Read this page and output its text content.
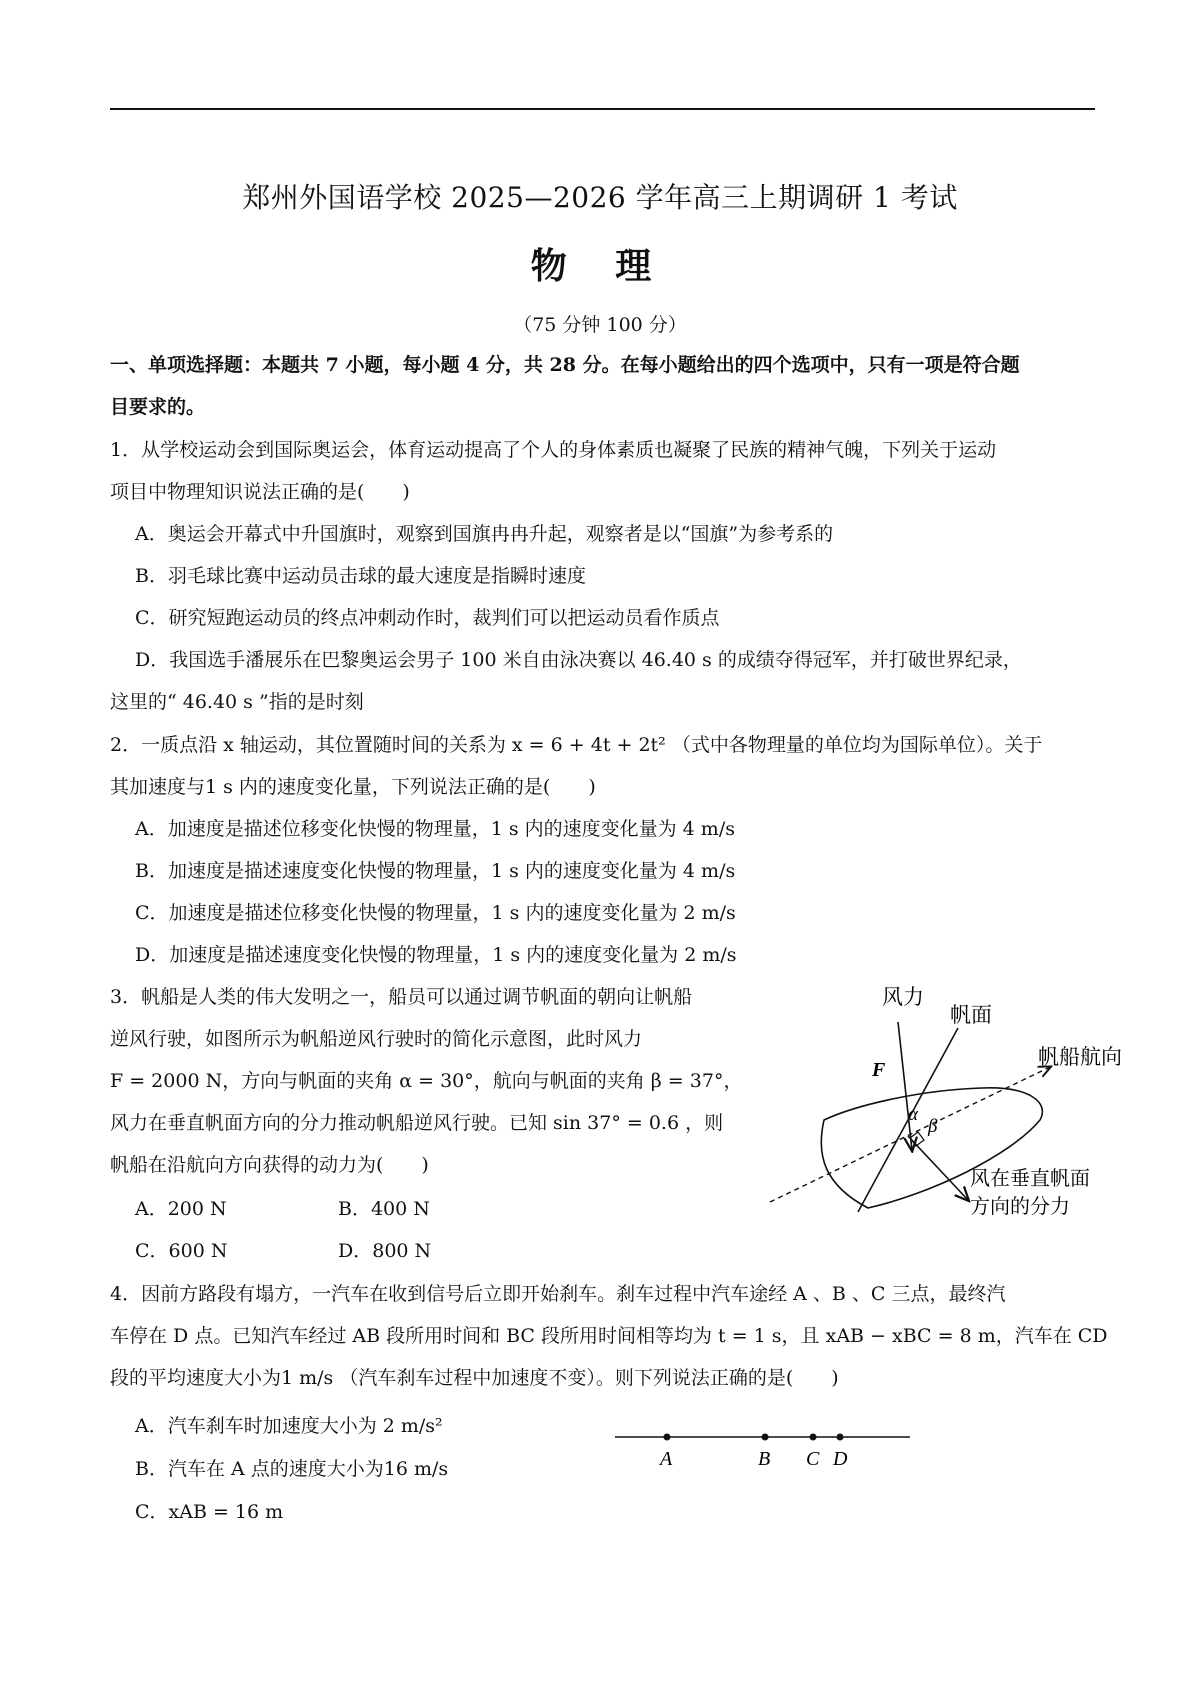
郑州外国语学校 2025—2026 学年高三上期调研 1 考试
物 理
（75 分钟 100 分）
一、单项选择题：本题共 7 小题，每小题 4 分，共 28 分。在每小题给出的四个选项中，只有一项是符合题
目要求的。
1．从学校运动会到国际奥运会，体育运动提高了个人的身体素质也凝聚了民族的精神气魄，下列关于运动
项目中物理知识说法正确的是(　　)
A．奥运会开幕式中升国旗时，观察到国旗冉冉升起，观察者是以“国旗”为参考系的
B．羽毛球比赛中运动员击球的最大速度是指瞬时速度
C．研究短跑运动员的终点冲刺动作时，裁判们可以把运动员看作质点
D．我国选手潘展乐在巴黎奥运会男子 100 米自由泳决赛以 46.40 s 的成绩夺得冠军，并打破世界纪录，
这里的“ 46.40 s ”指的是时刻
2．一质点沿 x 轴运动，其位置随时间的关系为 x = 6 + 4t + 2t² （式中各物理量的单位均为国际单位）。关于
其加速度与1 s 内的速度变化量，下列说法正确的是(　　)
A．加速度是描述位移变化快慢的物理量，1 s 内的速度变化量为 4 m/s
B．加速度是描述速度变化快慢的物理量，1 s 内的速度变化量为 4 m/s
C．加速度是描述位移变化快慢的物理量，1 s 内的速度变化量为 2 m/s
D．加速度是描述速度变化快慢的物理量，1 s 内的速度变化量为 2 m/s
3．帆船是人类的伟大发明之一，船员可以通过调节帆面的朝向让帆船
逆风行驶，如图所示为帆船逆风行驶时的简化示意图，此时风力
F = 2000 N，方向与帆面的夹角 α = 30°，航向与帆面的夹角 β = 37°，
风力在垂直帆面方向的分力推动帆船逆风行驶。已知 sin 37° = 0.6 ，则
帆船在沿航向方向获得的动力为(　　)
A．200 N	B．400 N
C．600 N	D．800 N
风力
帆面
帆船航向
F
α
β
风在垂直帆面
方向的分力
4．因前方路段有塌方，一汽车在收到信号后立即开始刹车。刹车过程中汽车途经 A 、B 、C 三点，最终汽
车停在 D 点。已知汽车经过 AB 段所用时间和 BC 段所用时间相等均为 t = 1 s，且 xAB − xBC = 8 m，汽车在 CD
段的平均速度大小为1 m/s （汽车刹车过程中加速度不变）。则下列说法正确的是(　　)
A．汽车刹车时加速度大小为 2 m/s²
B．汽车在 A 点的速度大小为16 m/s
C．xAB = 16 m
A	B C D
